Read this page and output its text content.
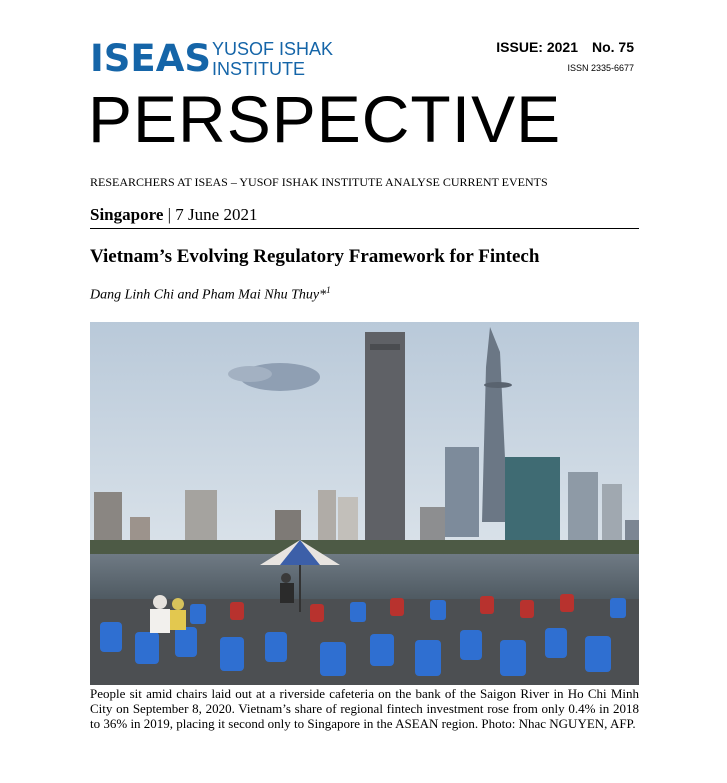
ISEAS YUSOF ISHAK
INSTITUTE
ISSUE: 2021 No. 75
ISSN 2335-6677
PERSPECTIVE
RESEARCHERS AT ISEAS – YUSOF ISHAK INSTITUTE ANALYSE CURRENT EVENTS
Singapore | 7 June 2021
Vietnam’s Evolving Regulatory Framework for Fintech
Dang Linh Chi and Pham Mai Nhu Thuy*$^1$
People sit amid chairs laid out at a riverside cafeteria on the bank of the Saigon River in Ho Chi Minh City on September 8, 2020. Vietnam’s share of regional fintech investment rose from only 0.4% in 2018 to 36% in 2019, placing it second only to Singapore in the ASEAN region. Photo: Nhac NGUYEN, AFP.
